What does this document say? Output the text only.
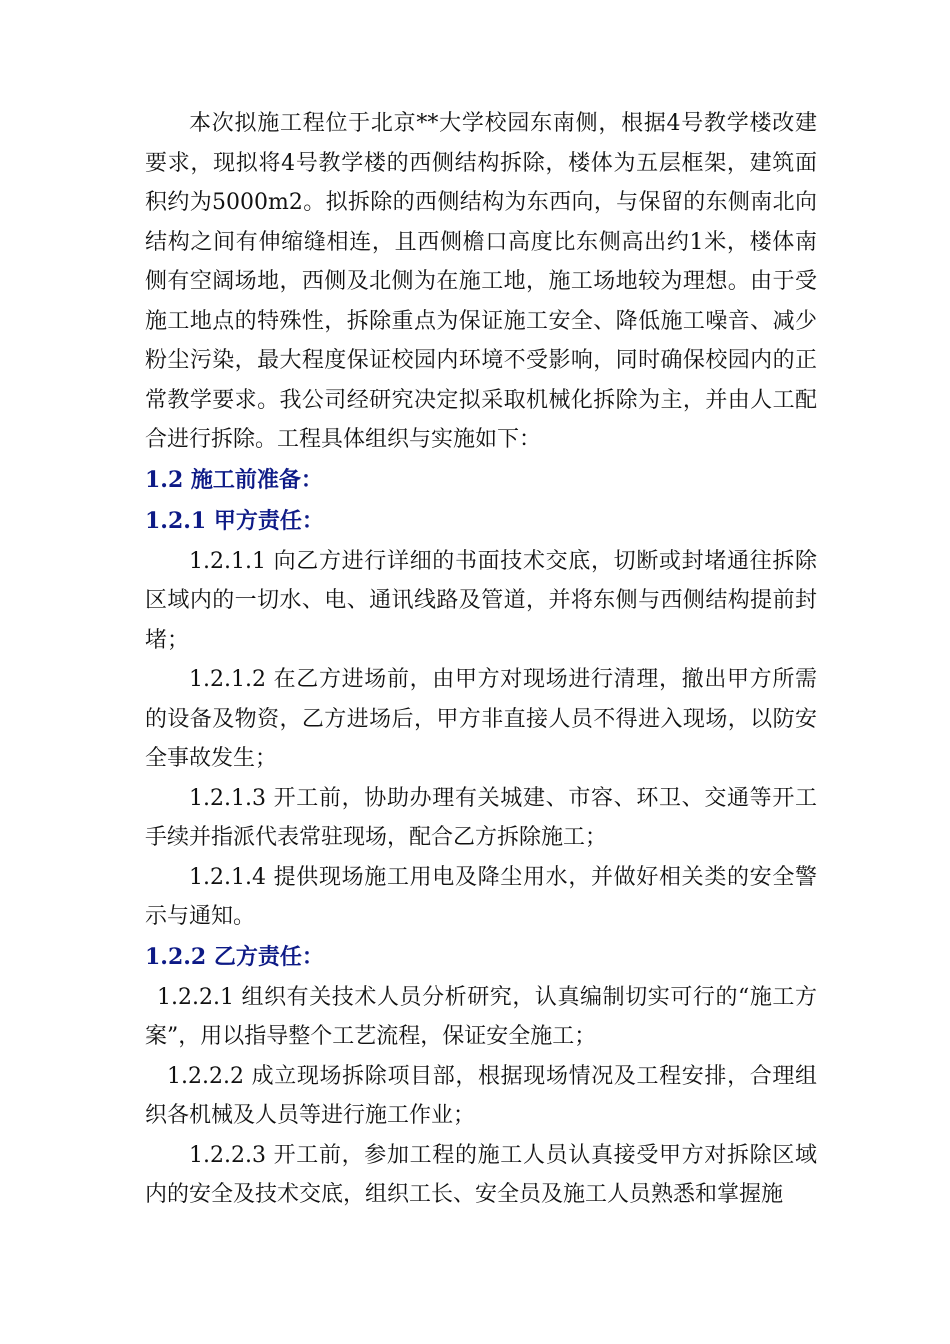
本次拟施工程位于北京**大学校园东南侧，根据4号教学楼改建要求，现拟将4号教学楼的西侧结构拆除，楼体为五层框架，建筑面积约为5000m2。拟拆除的西侧结构为东西向，与保留的东侧南北向结构之间有伸缩缝相连，且西侧檐口高度比东侧高出约1米，楼体南侧有空阔场地，西侧及北侧为在施工地，施工场地较为理想。由于受施工地点的特殊性，拆除重点为保证施工安全、降低施工噪音、减少粉尘污染，最大程度保证校园内环境不受影响，同时确保校园内的正常教学要求。我公司经研究决定拟采取机械化拆除为主，并由人工配合进行拆除。工程具体组织与实施如下：

1.2 施工前准备：
1.2.1 甲方责任：

1.2.1.1 向乙方进行详细的书面技术交底，切断或封堵通往拆除区域内的一切水、电、通讯线路及管道，并将东侧与西侧结构提前封堵；

1.2.1.2 在乙方进场前，由甲方对现场进行清理，撤出甲方所需的设备及物资，乙方进场后，甲方非直接人员不得进入现场，以防安全事故发生；

1.2.1.3 开工前，协助办理有关城建、市容、环卫、交通等开工手续并指派代表常驻现场，配合乙方拆除施工；

1.2.1.4 提供现场施工用电及降尘用水，并做好相关类的安全警示与通知。

1.2.2 乙方责任：

1.2.2.1 组织有关技术人员分析研究，认真编制切实可行的“施工方案”，用以指导整个工艺流程，保证安全施工；

1.2.2.2 成立现场拆除项目部，根据现场情况及工程安排，合理组织各机械及人员等进行施工作业；

1.2.2.3 开工前，参加工程的施工人员认真接受甲方对拆除区域内的安全及技术交底，组织工长、安全员及施工人员熟悉和掌握施
